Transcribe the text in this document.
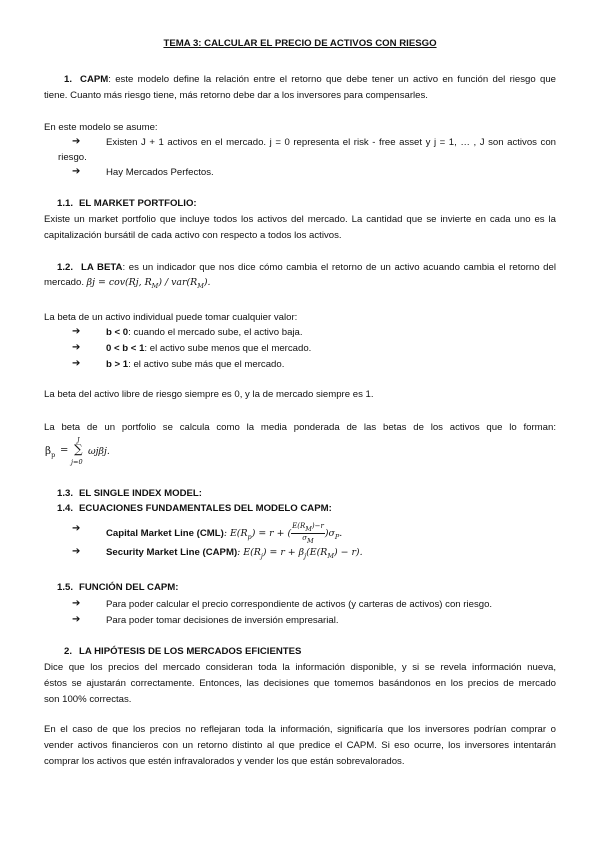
TEMA 3: CALCULAR EL PRECIO DE ACTIVOS CON RIESGO
1. CAPM: este modelo define la relación entre el retorno que debe tener un activo en función del riesgo que
tiene. Cuanto más riesgo tiene, más retorno debe dar a los inversores para compensarles.
En este modelo se asume:
➔	Existen J + 1 activos en el mercado. j = 0 representa el risk - free asset y j = 1, … , J son activos con
riesgo.
➔	Hay Mercados Perfectos.
1.1. EL MARKET PORTFOLIO:
Existe un market portfolio que incluye todos los activos del mercado. La cantidad que se invierte en cada uno es la
capitalización bursátil de cada activo con respecto a todos los activos.
1.2. LA BETA: es un indicador que nos dice cómo cambia el retorno de un activo acuando cambia el retorno del
mercado. βj = cov(Rj, $R_M) / var(R_M)$.
La beta de un activo individual puede tomar cualquier valor:
➔	b < 0: cuando el mercado sube, el activo baja.
➔	0 < b < 1: el activo sube menos que el mercado.
➔	b > 1: el activo sube más que el mercado.
La beta del activo libre de riesgo siempre es 0, y la de mercado siempre es 1.
La beta de un portfolio se calcula como la media ponderada de las betas de los activos que lo forman:
$\beta_p$ =
J
∑
j=0
ωjβj.
1.3. EL SINGLE INDEX MODEL:
1.4. ECUACIONES FUNDAMENTALES DEL MODELO CAPM:
➔	Capital Market Line (CML): $E(R_p) = r$ + ( $\frac{E(RM)-r}{\sigma M} )\sigma_P$.
➔	Security Market Line (CAPM): $E(R_j) = r + \beta_j(E(R_M) - r)$.
1.5. FUNCIÓN DEL CAPM:
➔	Para poder calcular el precio correspondiente de activos (y carteras de activos) con riesgo.
➔	Para poder tomar decisiones de inversión empresarial.
2. LA HIPÓTESIS DE LOS MERCADOS EFICIENTES
Dice que los precios del mercado consideran toda la información disponible, y si se revela información nueva,
éstos se ajustarán correctamente. Entonces, las decisiones que tomemos basándonos en los precios de mercado
son 100% correctas.
En el caso de que los precios no reflejaran toda la información, significaría que los inversores podrían comprar o
vender activos financieros con un retorno distinto al que predice el CAPM. Si eso ocurre, los inversores intentarán
comprar los activos que estén infravalorados y vender los que están sobrevalorados.
